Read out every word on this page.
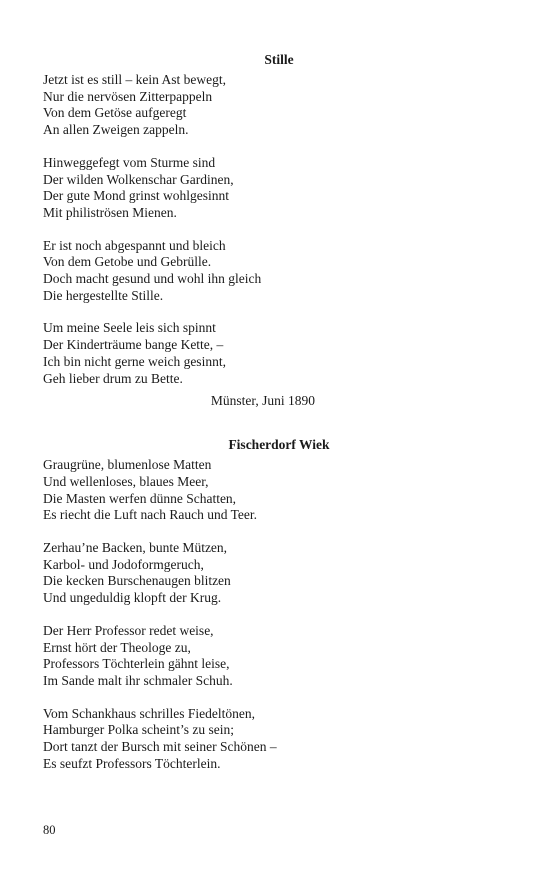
Stille
Jetzt ist es still – kein Ast bewegt,
Nur die nervösen Zitterpappeln
Von dem Getöse aufgeregt
An allen Zweigen zappeln.
Hinweggefegt vom Sturme sind
Der wilden Wolkenschar Gardinen,
Der gute Mond grinst wohlgesinnt
Mit philiströsen Mienen.
Er ist noch abgespannt und bleich
Von dem Getobe und Gebrülle.
Doch macht gesund und wohl ihn gleich
Die hergestellte Stille.
Um meine Seele leis sich spinnt
Der Kinderträume bange Kette, –
Ich bin nicht gerne weich gesinnt,
Geh lieber drum zu Bette.
Münster, Juni 1890
Fischerdorf Wiek
Graugrüne, blumenlose Matten
Und wellenloses, blaues Meer,
Die Masten werfen dünne Schatten,
Es riecht die Luft nach Rauch und Teer.
Zerhau’ne Backen, bunte Mützen,
Karbol- und Jodoformgeruch,
Die kecken Burschenaugen blitzen
Und ungeduldig klopft der Krug.
Der Herr Professor redet weise,
Ernst hört der Theologe zu,
Professors Töchterlein gähnt leise,
Im Sande malt ihr schmaler Schuh.
Vom Schankhaus schrilles Fiedeltönen,
Hamburger Polka scheint’s zu sein;
Dort tanzt der Bursch mit seiner Schönen –
Es seufzt Professors Töchterlein.
80
